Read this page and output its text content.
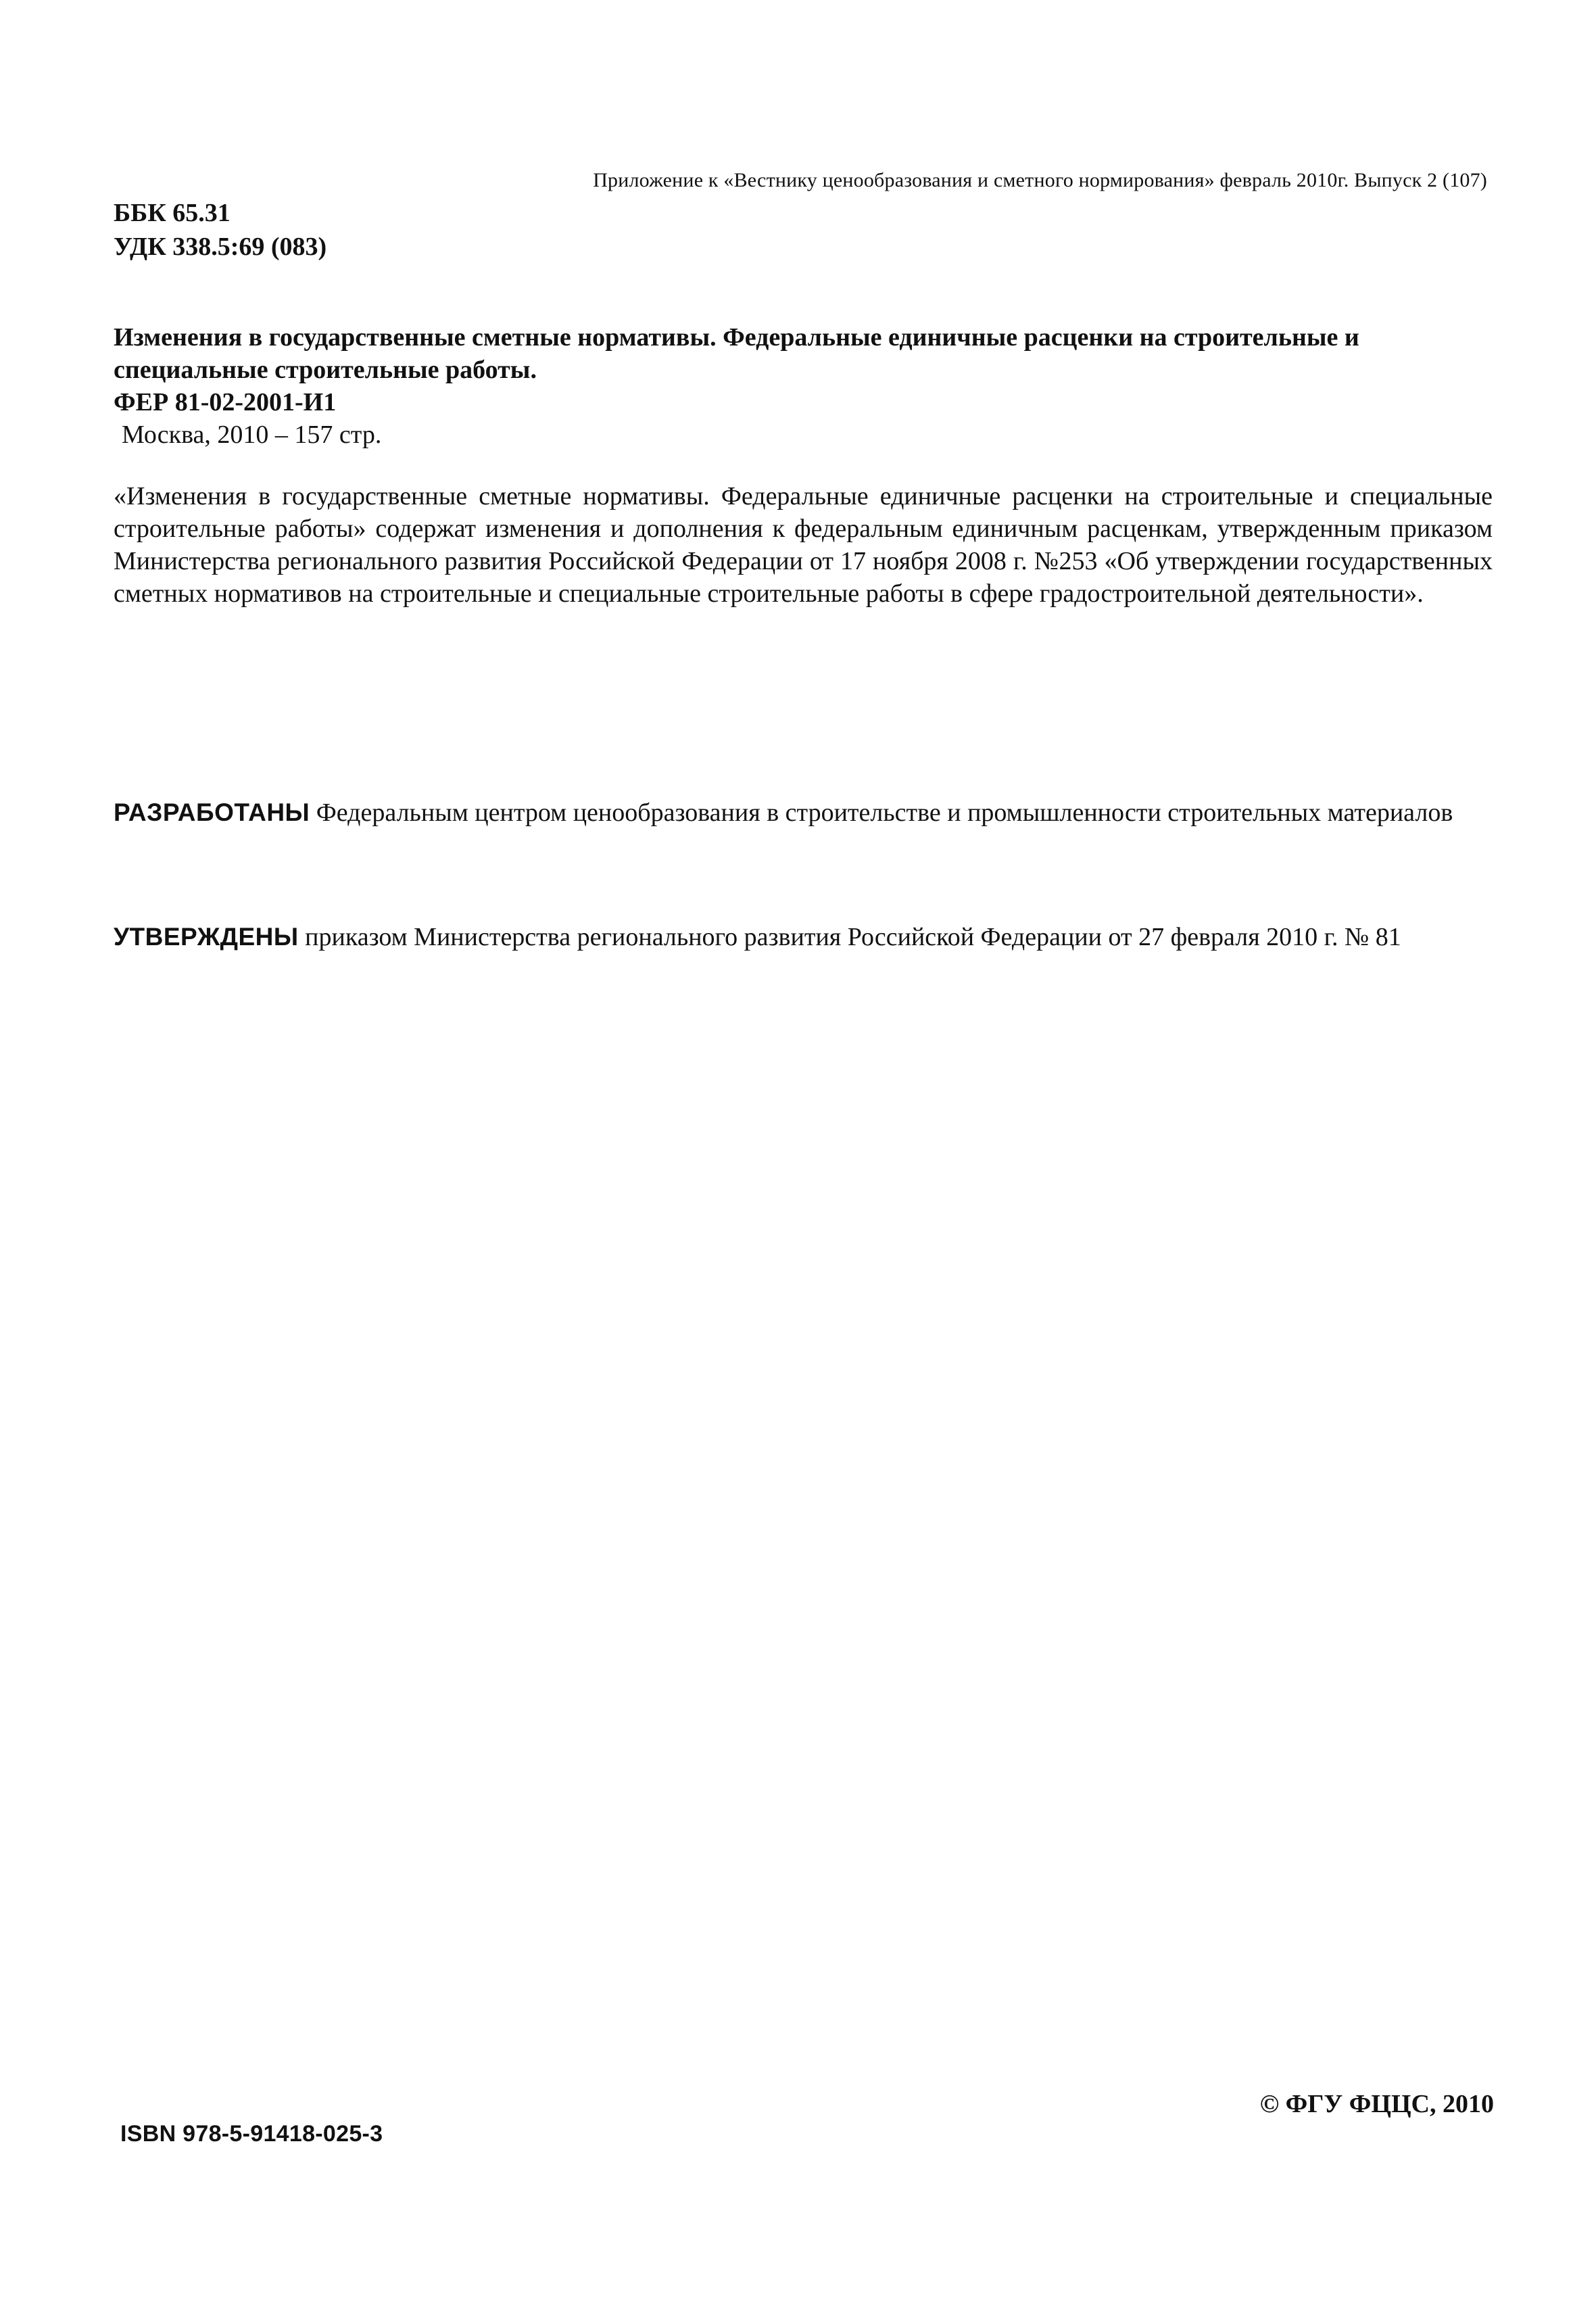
Приложение к «Вестнику ценообразования и сметного нормирования» февраль 2010г. Выпуск 2 (107)
ББК 65.31
УДК 338.5:69 (083)
Изменения в государственные сметные нормативы. Федеральные единичные расценки на строительные и специальные строительные работы.
ФЕР 81-02-2001-И1
Москва, 2010 – 157 стр.
«Изменения в государственные сметные нормативы. Федеральные единичные расценки на строительные и специальные строительные работы» содержат изменения и дополнения к федеральным единичным расценкам, утвержденным приказом Министерства регионального развития Российской Федерации от 17 ноября 2008 г. №253 «Об утверждении государственных сметных нормативов на строительные и специальные строительные работы в сфере градостроительной деятельности».
РАЗРАБОТАНЫ Федеральным центром ценообразования в строительстве и промышленности строительных материалов
УТВЕРЖДЕНЫ приказом Министерства регионального развития Российской Федерации от 27 февраля 2010 г. № 81
© ФГУ ФЦЦС, 2010
ISBN 978-5-91418-025-3
